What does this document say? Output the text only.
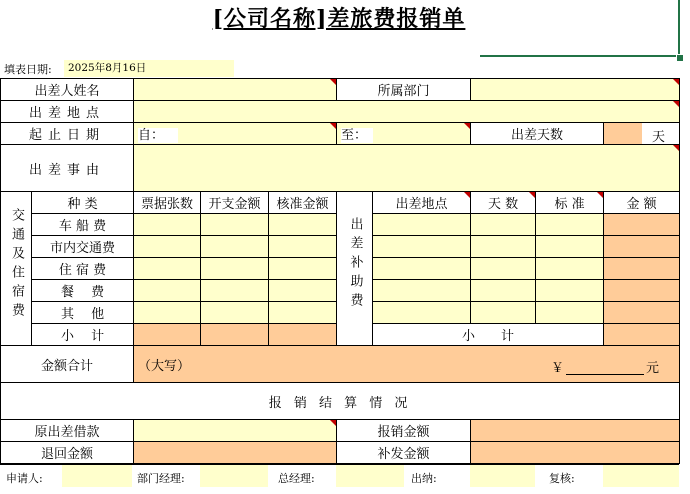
[公司名称]差旅费报销单
填表日期:	2025年8月16日
出差人姓名					所属部门				

出差地点									

起止日期		自：			至：		出差天数		天

出差事由									

交通及住宿费	种 类	票据张数	开支金额	核准金额	出差补助费	出差地点	天 数	标 准	金 额
	车 船 费								
	市内交通费								
	住 宿 费								
	餐　 费								
	其　 他								
	小　 计					小　　计			
金额合计		（大写） ￥ 元							

报 销 结 算 情 况									
原出差借款					报销金额				
退回金额					补发金额				
申请人:	部门经理:	总经理:	出纳:	复核:
